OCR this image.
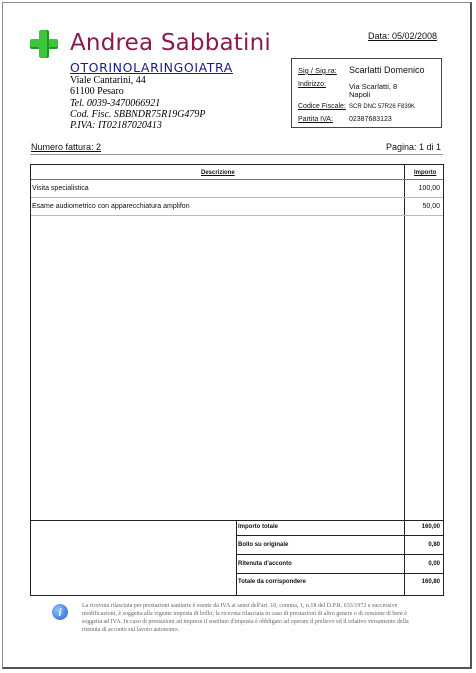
Andrea Sabbatini
OTORINOLARINGOIATRA
Viale Cantarini, 44
61100 Pesaro
Tel. 0039-3470066921
Cod. Fisc. SBBNDR75R19G479P
P.IVA: IT02187020413
Data: 05/02/2008
Sig / Sig.ra: Scarlatti Domenico
Indirizzo:	Via Scarlatti, 8
Napoli
Codice Fiscale: SCR DNC 57R26 F839K
Partita IVA: 02387683123
Numero fattura: 2	Pagina: 1 di 1
Descrizione	Importo
Visita specialistica	100,00
Esame audiometrico con apparecchiatura amplifon	50,00
Importo totale	160,00
Bollo su originale	0,80
Ritenuta d'acconto	0,00
Totale da corrispondere	160,80
i	La ricevuta rilasciata per prestazioni sanitarie è esente da IVA ai sensi dell'art. 10, comma, 1, n.18 del D.P.R. 633/1972 e successive modificazioni, è soggetta alla vigente imposta di bollo; la ricevuta rilasciata in caso di prestazioni di altro genere o di cessione di beni è soggetta ad IVA. In caso di prestazioni ad imprese il sostituto d'imposta è obbligato ad operare il prelievo ed il relativo versamento della ritenuta di acconto sul lavoro autonomo.
